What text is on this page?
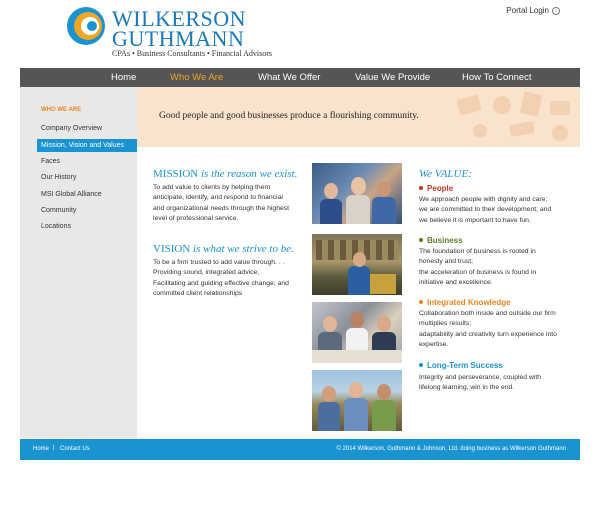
WILKERSON
GUTHMANN
CPAs • Business Consultants • Financial Advisors
Portal Login	›
Home	Who We Are	What We Offer	Value We Provide	How To Connect
WHO WE ARE
Company Overview
Mission, Vision and Values
Faces
Our History
MSI Global Alliance
Community
Locations
Good people and good businesses produce a flourishing community.
MISSION is the reason we exist.
To add value to clients by helping them
anticipate, identify, and respond to financial
and organizational needs through the highest
level of professional service.
VISION is what we strive to be.
To be a firm trusted to add value through. . .
Providing sound, integrated advice;
Facilitating and guiding effective change; and
committed client relationships
We VALUE:
People
We approach people with dignity and care;
we are committed to their development; and
we believe it is important to have fun.
Business
The foundation of business is rooted in
honesty and trust;
the acceleration of business is found in
initiative and excellence.
Integrated Knowledge
Collaboration both inside and outside our firm
multiplies results;
adaptability and creativity turn experience into
expertise.
Long-Term Success
Integrity and perseverance, coupled with
lifelong learning, win in the end.
Home | Contact Us	© 2014 Wilkerson, Guthmann & Johnson, Ltd. doing business as Wilkerson Guthmann
